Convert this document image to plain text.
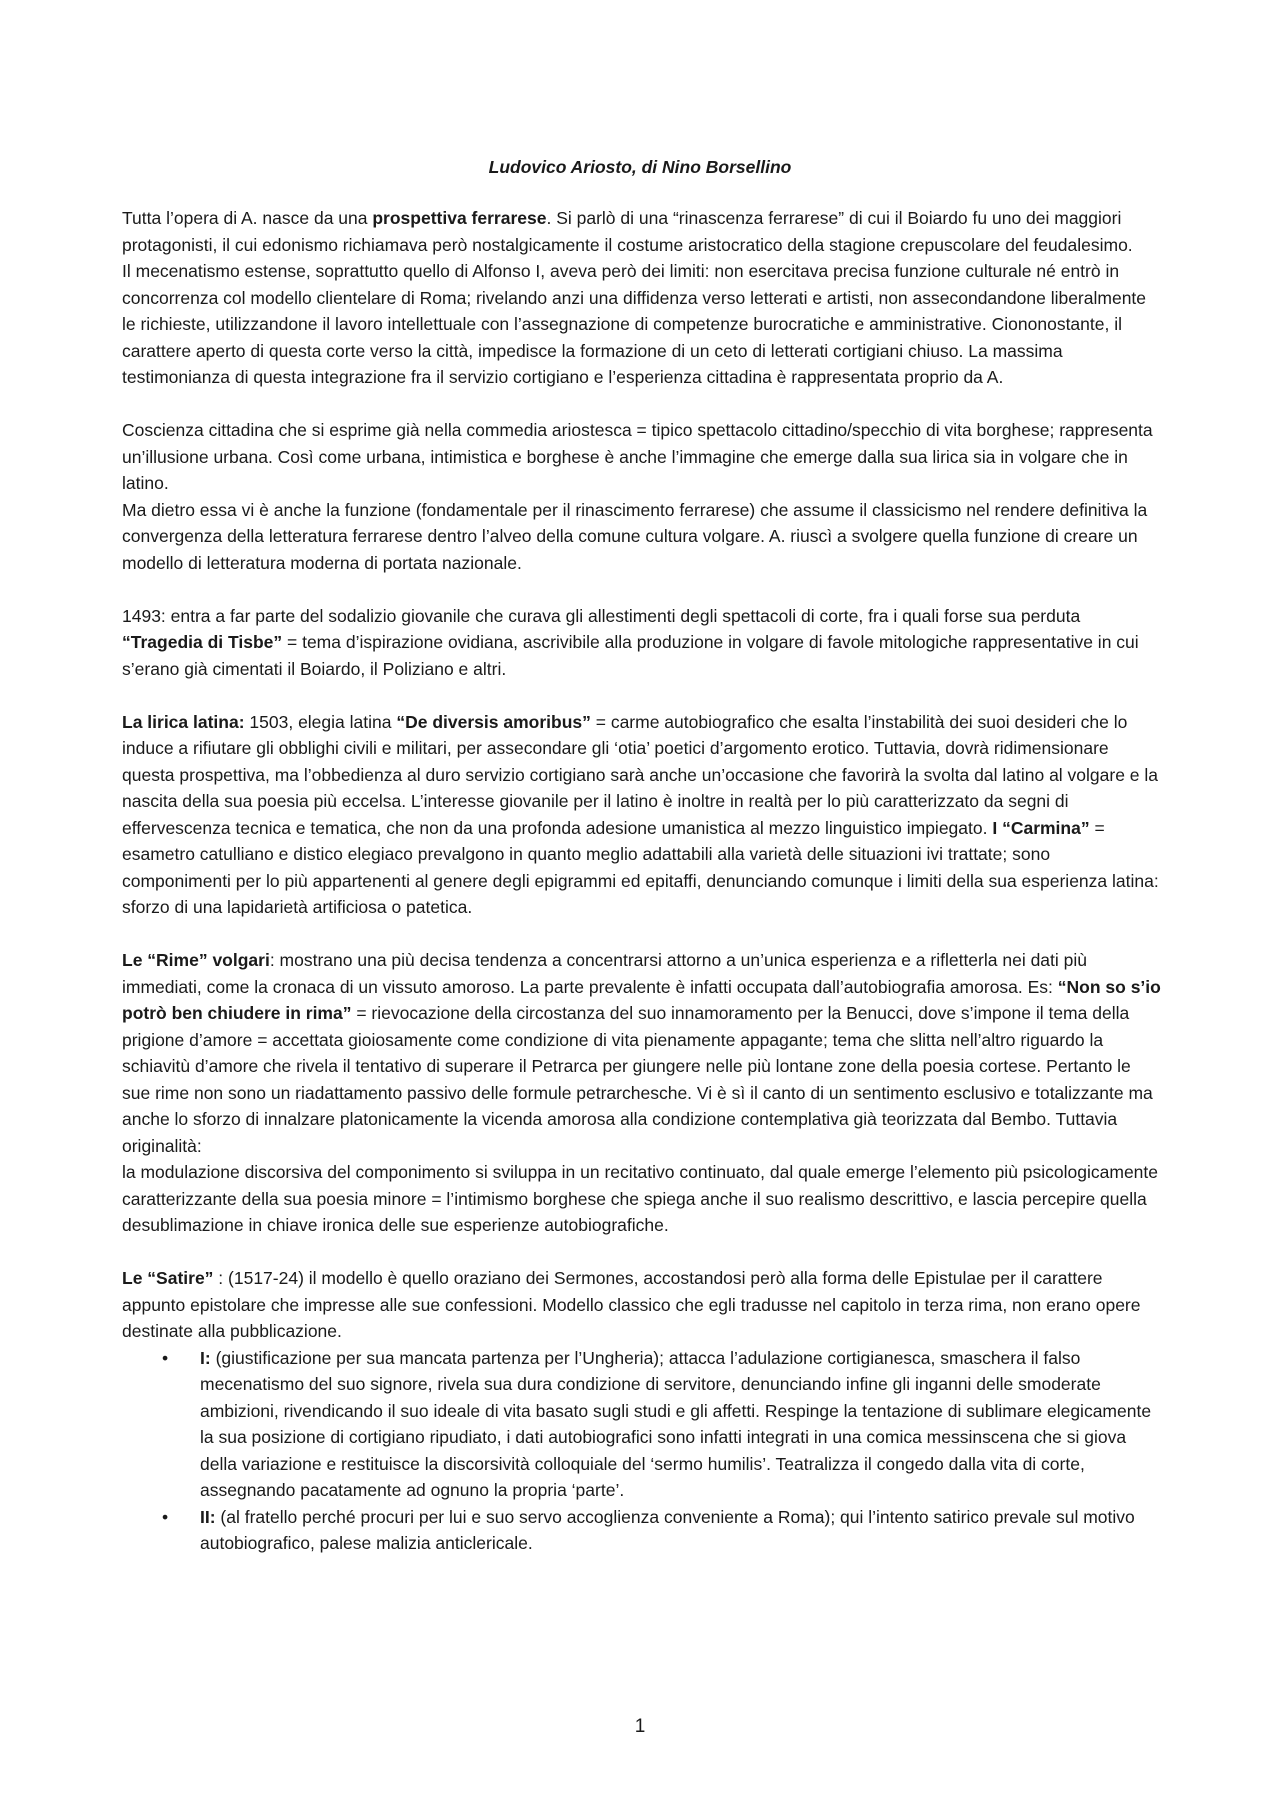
Ludovico Ariosto, di Nino Borsellino

Tutta l’opera di A. nasce da una prospettiva ferrarese. Si parlò di una “rinascenza ferrarese” di cui il Boiardo fu uno dei maggiori protagonisti, il cui edonismo richiamava però nostalgicamente il costume aristocratico della stagione crepuscolare del feudalesimo.

Il mecenatismo estense, soprattutto quello di Alfonso I, aveva però dei limiti: non esercitava precisa funzione culturale né entrò in concorrenza col modello clientelare di Roma; rivelando anzi una diffidenza verso letterati e artisti, non assecondandone liberalmente le richieste, utilizzandone il lavoro intellettuale con l’assegnazione di competenze burocratiche e amministrative. Ciononostante, il carattere aperto di questa corte verso la città, impedisce la formazione di un ceto di letterati cortigiani chiuso. La massima testimonianza di questa integrazione fra il servizio cortigiano e l’esperienza cittadina è rappresentata proprio da A.

Coscienza cittadina che si esprime già nella commedia ariostesca = tipico spettacolo cittadino/specchio di vita borghese; rappresenta un’illusione urbana. Così come urbana, intimistica e borghese è anche l’immagine che emerge dalla sua lirica sia in volgare che in latino.

Ma dietro essa vi è anche la funzione (fondamentale per il rinascimento ferrarese) che assume il classicismo nel rendere definitiva la convergenza della letteratura ferrarese dentro l’alveo della comune cultura volgare. A. riuscì a svolgere quella funzione di creare un modello di letteratura moderna di portata nazionale.

1493: entra a far parte del sodalizio giovanile che curava gli allestimenti degli spettacoli di corte, fra i quali forse sua perduta “Tragedia di Tisbe” = tema d’ispirazione ovidiana, ascrivibile alla produzione in volgare di favole mitologiche rappresentative in cui s’erano già cimentati il Boiardo, il Poliziano e altri.

La lirica latina: 1503, elegia latina “De diversis amoribus” = carme autobiografico che esalta l’instabilità dei suoi desideri che lo induce a rifiutare gli obblighi civili e militari, per assecondare gli ‘otia’ poetici d’argomento erotico. Tuttavia, dovrà ridimensionare questa prospettiva, ma l’obbedienza al duro servizio cortigiano sarà anche un’occasione che favorirà la svolta dal latino al volgare e la nascita della sua poesia più eccelsa. L’interesse giovanile per il latino è inoltre in realtà per lo più caratterizzato da segni di effervescenza tecnica e tematica, che non da una profonda adesione umanistica al mezzo linguistico impiegato. I “Carmina” = esametro catulliano e distico elegiaco prevalgono in quanto meglio adattabili alla varietà delle situazioni ivi trattate; sono componimenti per lo più appartenenti al genere degli epigrammi ed epitaffi, denunciando comunque i limiti della sua esperienza latina: sforzo di una lapidarietà artificiosa o patetica.

Le “Rime” volgari: mostrano una più decisa tendenza a concentrarsi attorno a un’unica esperienza e a rifletterla nei dati più immediati, come la cronaca di un vissuto amoroso. La parte prevalente è infatti occupata dall’autobiografia amorosa. Es: “Non so s’io potrò ben chiudere in rima” = rievocazione della circostanza del suo innamoramento per la Benucci, dove s’impone il tema della prigione d’amore = accettata gioiosamente come condizione di vita pienamente appagante; tema che slitta nell’altro riguardo la schiavitù d’amore che rivela il tentativo di superare il Petrarca per giungere nelle più lontane zone della poesia cortese. Pertanto le sue rime non sono un riadattamento passivo delle formule petrarchesche. Vi è sì il canto di un sentimento esclusivo e totalizzante ma anche lo sforzo di innalzare platonicamente la vicenda amorosa alla condizione contemplativa già teorizzata dal Bembo. Tuttavia originalità:

la modulazione discorsiva del componimento si sviluppa in un recitativo continuato, dal quale emerge l’elemento più psicologicamente caratterizzante della sua poesia minore = l’intimismo borghese che spiega anche il suo realismo descrittivo, e lascia percepire quella desublimazione in chiave ironica delle sue esperienze autobiografiche.

Le “Satire” : (1517-24) il modello è quello oraziano dei Sermones, accostandosi però alla forma delle Epistulae per il carattere appunto epistolare che impresse alle sue confessioni. Modello classico che egli tradusse nel capitolo in terza rima, non erano opere destinate alla pubblicazione.

• I: (giustificazione per sua mancata partenza per l’Ungheria); attacca l’adulazione cortigianesca, smaschera il falso mecenatismo del suo signore, rivela sua dura condizione di servitore, denunciando infine gli inganni delle smoderate ambizioni, rivendicando il suo ideale di vita basato sugli studi e gli affetti. Respinge la tentazione di sublimare elegicamente la sua posizione di cortigiano ripudiato, i dati autobiografici sono infatti integrati in una comica messinscena che si giova della variazione e restituisce la discorsività colloquiale del ‘sermo humilis’. Teatralizza il congedo dalla vita di corte, assegnando pacatamente ad ognuno la propria ‘parte’.
• II: (al fratello perché procuri per lui e suo servo accoglienza conveniente a Roma); qui l’intento satirico prevale sul motivo autobiografico, palese malizia anticlericale.
1
